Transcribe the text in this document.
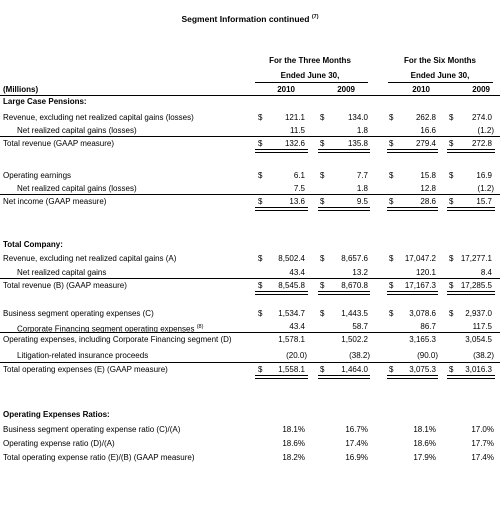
Segment Information continued $^{(7)}$
For the Three Months
Ended June 30,
For the Six Months
Ended June 30,
(Millions)	2010	2009	2010	2009
Large Case Pensions:
Revenue, excluding net realized capital gains (losses)	$	121.1 $	134.0	$	262.8 $	274.0
Net realized capital gains (losses)	11.5	1.8	16.6	(1.2)
Total revenue (GAAP measure)	$	132.6 $	135.8	$	279.4 $	272.8
Operating earnings	$	6.1 $	7.7	$	15.8 $	16.9
Net realized capital gains (losses)	7.5	1.8	12.8	(1.2)
Net income (GAAP measure)	$	13.6 $	9.5	$	28.6 $	15.7
Total Company:
Revenue, excluding net realized capital gains (A)	$	8,502.4 $	8,657.6	$	17,047.2 $ 17,277.1
Net realized capital gains	43.4	13.2	120.1	8.4
Total revenue (B) (GAAP measure)	$	8,545.8 $	8,670.8	$	17,167.3 $ 17,285.5
Business segment operating expenses (C)	$	1,534.7 $	1,443.5	$	3,078.6 $	2,937.0
Corporate Financing segment operating expenses $^{(8)}$	43.4	58.7	86.7	117.5
Operating expenses, including Corporate Financing segment (D)	1,578.1	1,502.2	3,165.3	3,054.5
Litigation-related insurance proceeds	(20.0)	(38.2)	(90.0)	(38.2)
Total operating expenses (E) (GAAP measure)	$	1,558.1 $	1,464.0	$	3,075.3 $	3,016.3
Operating Expenses Ratios:
Business segment operating expense ratio (C)/(A)	18.1%	16.7%	18.1%	17.0%
Operating expense ratio (D)/(A)	18.6%	17.4%	18.6%	17.7%
Total operating expense ratio (E)/(B) (GAAP measure)	18.2%	16.9%	17.9%	17.4%
